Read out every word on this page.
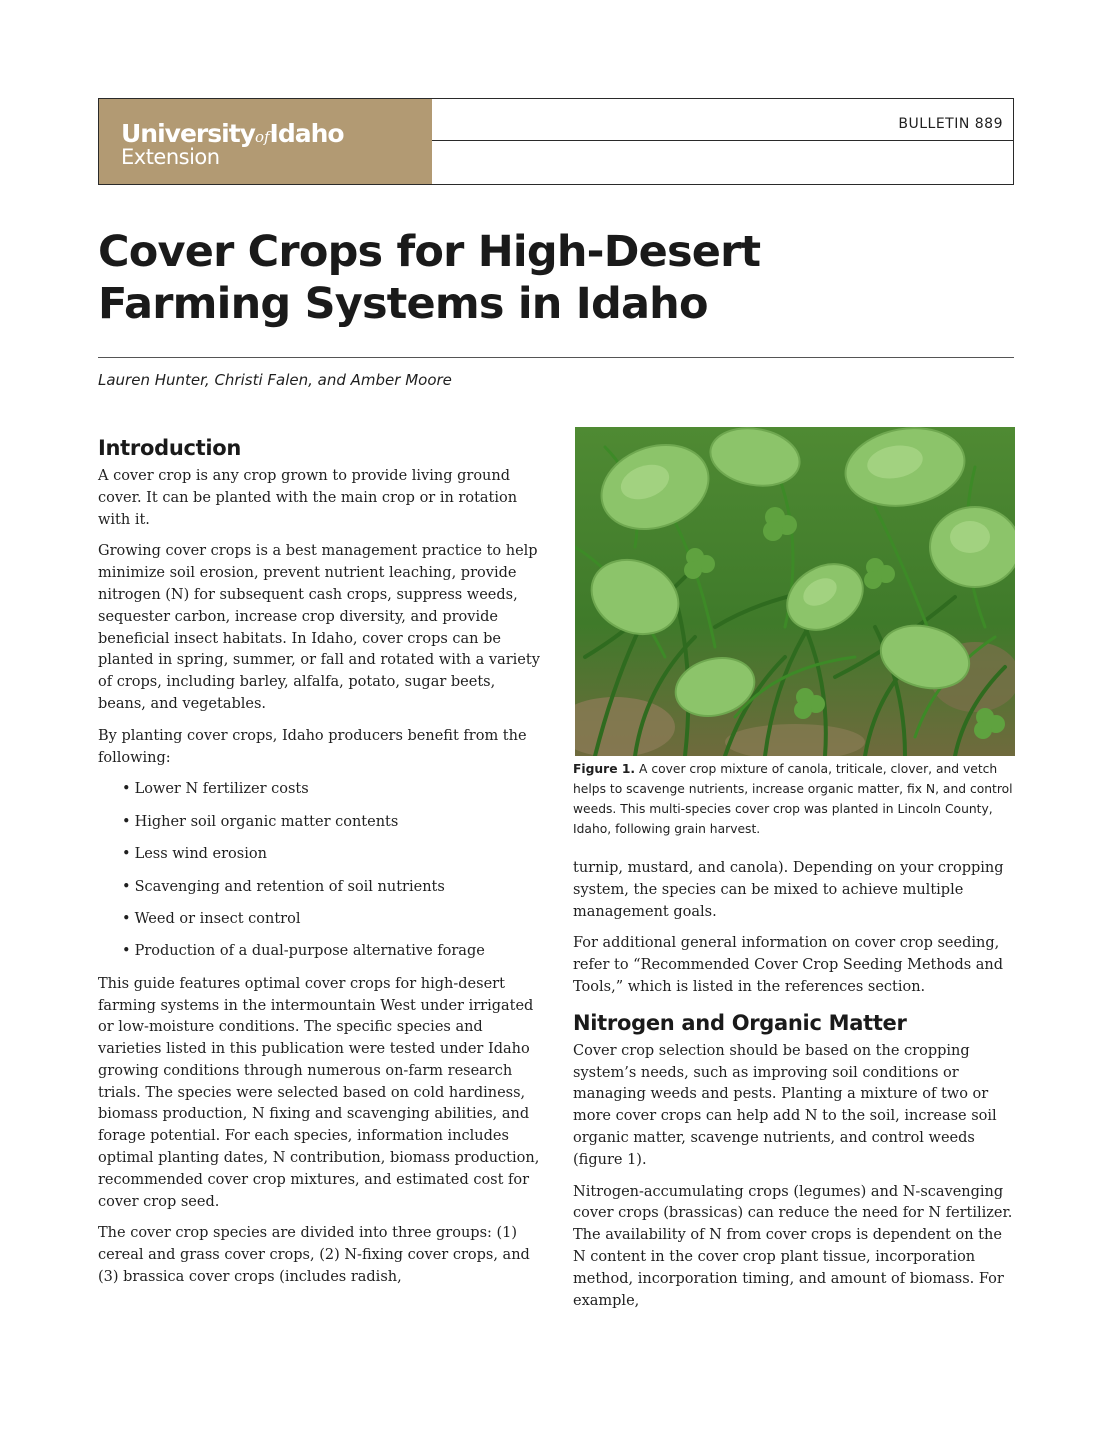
UniversityofIdaho
Extension
BULLETIN 889
Cover Crops for High-Desert
Farming Systems in Idaho
Lauren Hunter, Christi Falen, and Amber Moore
Introduction

A cover crop is any crop grown to provide living ground cover. It can be planted with the main crop or in rotation with it.

Growing cover crops is a best management practice to help minimize soil erosion, prevent nutrient leaching, provide nitrogen (N) for subsequent cash crops, suppress weeds, sequester carbon, increase crop diversity, and provide beneficial insect habitats. In Idaho, cover crops can be planted in spring, summer, or fall and rotated with a variety of crops, including barley, alfalfa, potato, sugar beets, beans, and vegetables.

By planting cover crops, Idaho producers benefit from the following:

• Lower N fertilizer costs
• Higher soil organic matter contents
• Less wind erosion
• Scavenging and retention of soil nutrients
• Weed or insect control
• Production of a dual-purpose alternative forage

This guide features optimal cover crops for high-desert farming systems in the intermountain West under irrigated or low-moisture conditions. The specific species and varieties listed in this publication were tested under Idaho growing conditions through numerous on-farm research trials. The species were selected based on cold hardiness, biomass production, N fixing and scavenging abilities, and forage potential. For each species, information includes optimal planting dates, N contribution, biomass production, recommended cover crop mixtures, and estimated cost for cover crop seed.

The cover crop species are divided into three groups: (1) cereal and grass cover crops, (2) N-fixing cover crops, and (3) brassica cover crops (includes radish,

Figure 1. A cover crop mixture of canola, triticale, clover, and vetch helps to scavenge nutrients, increase organic matter, fix N, and control weeds. This multi-species cover crop was planted in Lincoln County, Idaho, following grain harvest.

turnip, mustard, and canola). Depending on your cropping system, the species can be mixed to achieve multiple management goals.

For additional general information on cover crop seeding, refer to “Recommended Cover Crop Seeding Methods and Tools,” which is listed in the references section.

Nitrogen and Organic Matter

Cover crop selection should be based on the cropping system’s needs, such as improving soil conditions or managing weeds and pests. Planting a mixture of two or more cover crops can help add N to the soil, increase soil organic matter, scavenge nutrients, and control weeds (figure 1).

Nitrogen-accumulating crops (legumes) and N-scavenging cover crops (brassicas) can reduce the need for N fertilizer. The availability of N from cover crops is dependent on the N content in the cover crop plant tissue, incorporation method, incorporation timing, and amount of biomass. For example,
